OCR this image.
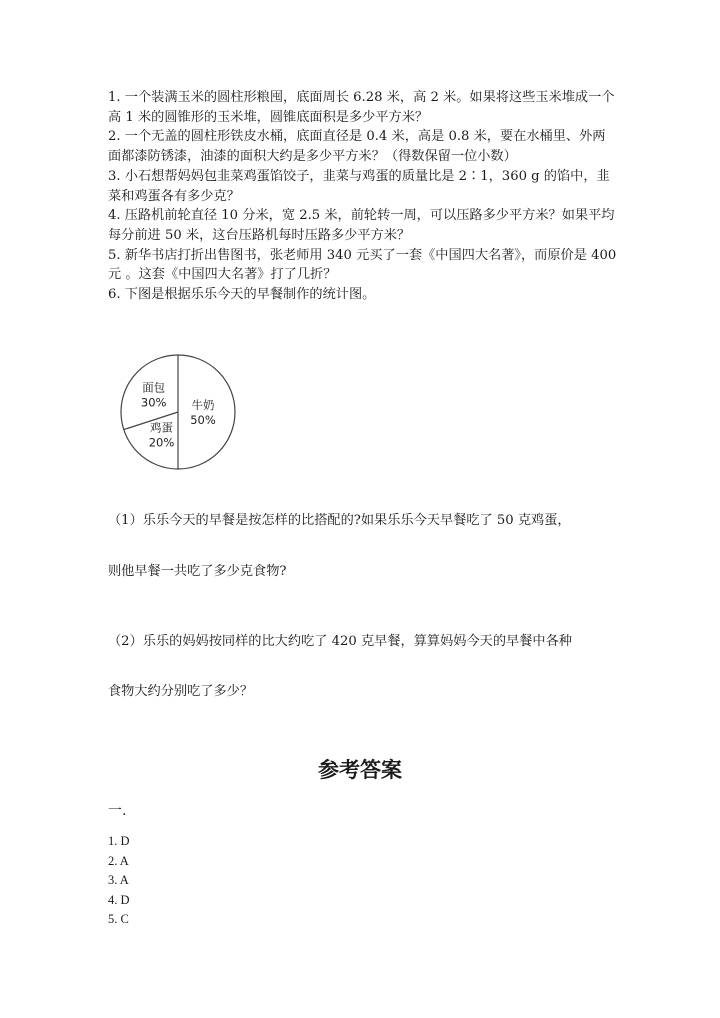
1. 一个装满玉米的圆柱形粮囤，底面周长 6.28 米，高 2 米。如果将这些玉米堆成一个高 1 米的圆锥形的玉米堆，圆锥底面积是多少平方米？

2. 一个无盖的圆柱形铁皮水桶，底面直径是 0.4 米，高是 0.8 米，要在水桶里、外两面都漆防锈漆，油漆的面积大约是多少平方米？（得数保留一位小数）

3. 小石想帮妈妈包韭菜鸡蛋馅饺子，韭菜与鸡蛋的质量比是 2∶1，360 g 的馅中，韭菜和鸡蛋各有多少克？

4. 压路机前轮直径 10 分米，宽 2.5 米，前轮转一周，可以压路多少平方米？如果平均每分前进 50 米，这台压路机每时压路多少平方米？

5. 新华书店打折出售图书，张老师用 340 元买了一套《中国四大名著》，而原价是 400 元 。这套《中国四大名著》打了几折？

6. 下图是根据乐乐今天的早餐制作的统计图。

牛奶
50%
面包
30%
鸡蛋
20%
（1）乐乐今天的早餐是按怎样的比搭配的?如果乐乐今天早餐吃了 50 克鸡蛋，
则他早餐一共吃了多少克食物?
（2）乐乐的妈妈按同样的比大约吃了 420 克早餐，算算妈妈今天的早餐中各种
食物大约分别吃了多少？
参考答案
一.
1. D
2. A
3. A
4. D
5. C
